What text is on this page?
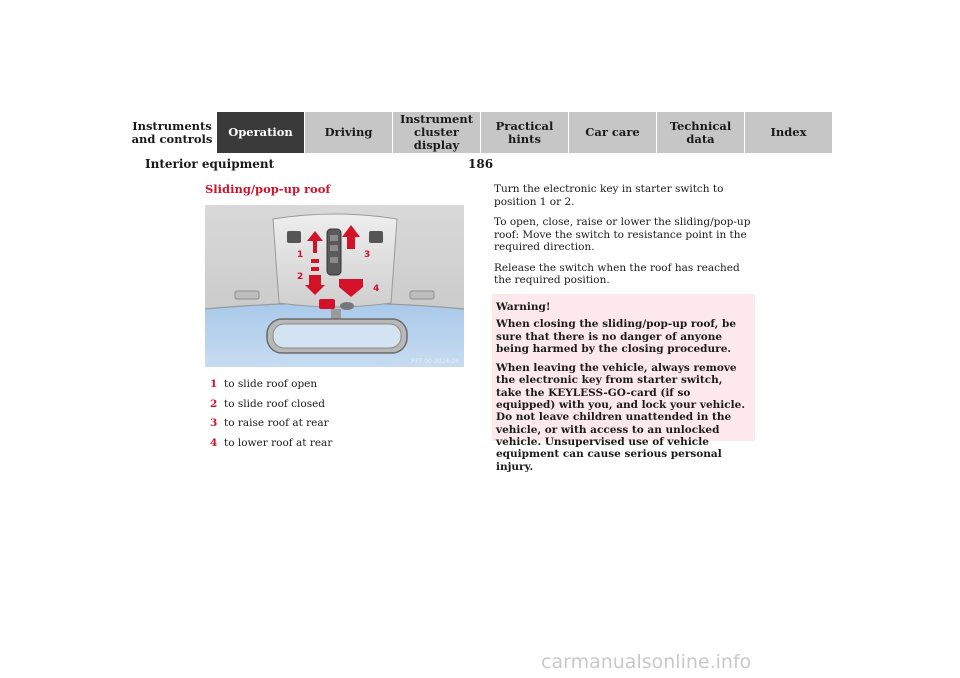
Instruments
and controls Operation	Driving
Instrument
cluster display
Practical hints	Car care	Technical
data	Index
Interior equipment	186
Sliding/pop-up roof
1
2
3
4
P77.00-2024-26
1 to slide roof open
2 to slide roof closed
3 to raise roof at rear
4 to lower roof at rear

Turn the electronic key in starter switch to position 1 or 2.

To open, close, raise or lower the sliding/pop-up roof: Move the switch to resistance point in the required direction.

Release the switch when the roof has reached the required position.

Warning!

When closing the sliding/pop-up roof, be sure that there is no danger of anyone being harmed by the closing procedure.

When leaving the vehicle, always remove the electronic key from starter switch, take the KEYLESS-GO-card (if so equipped) with you, and lock your vehicle. Do not leave children unattended in the vehicle, or with access to an unlocked vehicle. Unsupervised use of vehicle equipment can cause serious personal injury.

carmanualsonline.info
